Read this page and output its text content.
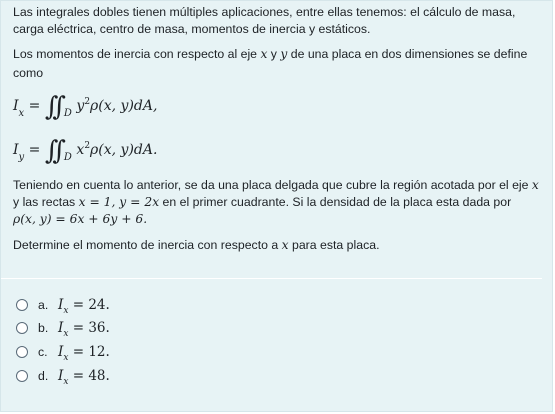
Las integrales dobles tienen múltiples aplicaciones, entre ellas tenemos: el cálculo de masa,

carga eléctrica, centro de masa, momentos de inercia y estáticos.

Los momentos de inercia con respecto al eje x y y de una placa en dos dimensiones se define

como

$I_x$ = ∫∫ $_D$ $y^2\rho(x$, y)dA,
$I_y$ = ∫∫ $_D$ $x^2\rho(x$, y)dA.

Teniendo en cuenta lo anterior, se da una placa delgada que cubre la región acotada por el eje x

y las rectas x = 1, y = 2x en el primer cuadrante. Si la densidad de la placa esta dada por

ρ(x, y) = 6x + 6y + 6.

Determine el momento de inercia con respecto a x para esta placa.

a. $I_x = 24$.
b. $I_x = 36$.
c. $I_x = 12$.
d. $I_x = 48$.
